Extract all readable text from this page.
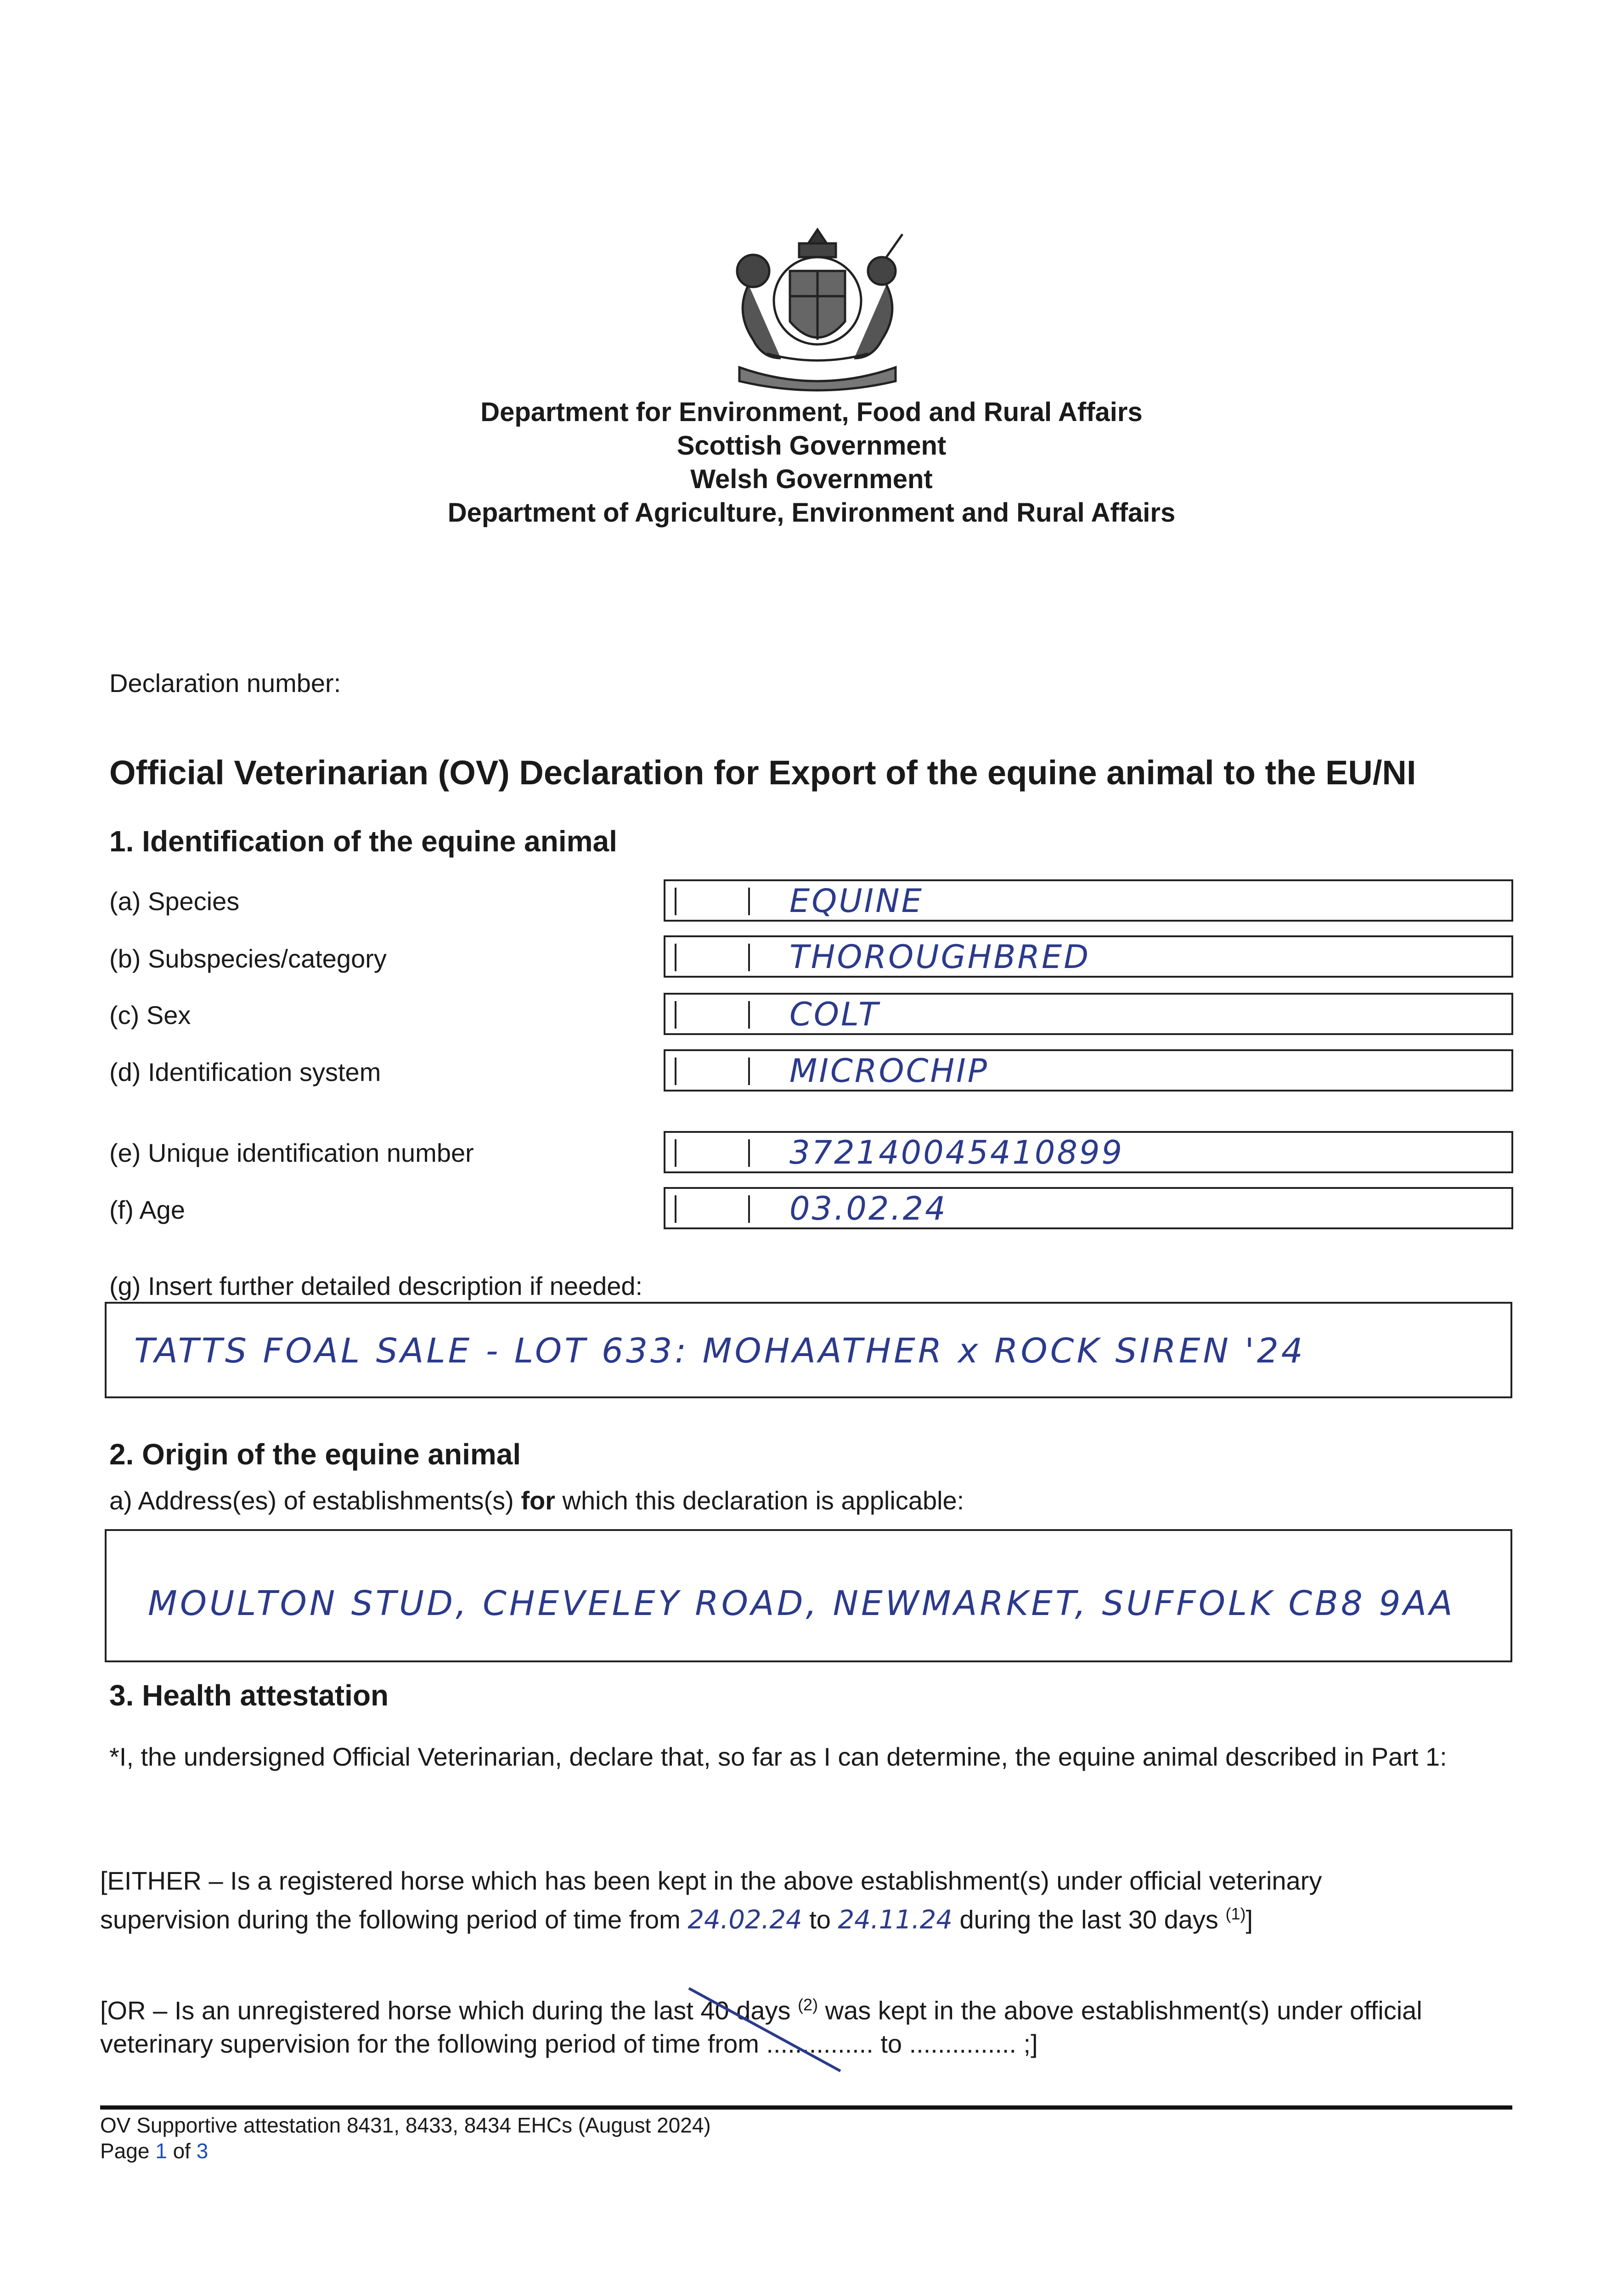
Department for Environment, Food and Rural Affairs
Scottish Government
Welsh Government
Department of Agriculture, Environment and Rural Affairs
Declaration number:
Official Veterinarian (OV) Declaration for Export of the equine animal to the EU/NI
1. Identification of the equine animal
(a) Species	EQUINE
(b) Subspecies/category	THOROUGHBRED
(c) Sex	COLT
(d) Identification system	MICROCHIP
(e) Unique identification number	372140045410899
(f) Age	03.02.24
(g) Insert further detailed description if needed:
TATTS FOAL SALE - LOT 633: MOHAATHER x ROCK SIREN '24
2. Origin of the equine animal
a) Address(es) of establishments(s) for which this declaration is applicable:
MOULTON STUD, CHEVELEY ROAD, NEWMARKET, SUFFOLK CB8 9AA
3. Health attestation
*I, the undersigned Official Veterinarian, declare that, so far as I can determine, the equine animal described in Part 1:
[EITHER – Is a registered horse which has been kept in the above establishment(s) under official veterinary
supervision during the following period of time from 24.02.24 to 24.11.24 during the last 30 days $^{(1)}$]
[OR – Is an unregistered horse which during the last 40 days $^{(2)}$ was kept in the above establishment(s) under official
veterinary supervision for the following period of time from ............... to ............... ;]
OV Supportive attestation 8431, 8433, 8434 EHCs (August 2024)
Page 1 of 3
